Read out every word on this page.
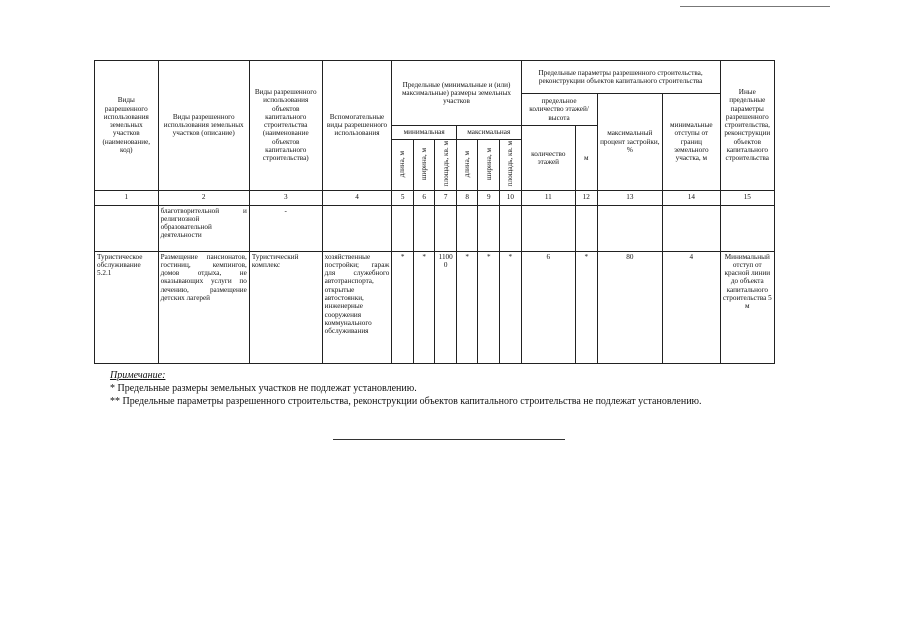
Виды разрешенного использования земельных участков (наименование, код)	Виды разрешенного использования земельных участков (описание)	Виды разрешенного использования объектов капитального строительства (наименование объектов капитального строительства)	Вспомогательные виды разрешенного использования	Предельные (минимальные и (или) максимальные) размеры земельных участков						Предельные параметры разрешенного строительства, реконструкции объектов капитального строительства				Иные предельные параметры разрешенного строительства, реконструкции объектов капитального строительства
										предельное количество этажей/высота		максимальный процент застройки, %	минимальные отступы от границ земельного участка, м	
				минимальная			максимальная			количество этажей	м			
				длина, м	ширина, м	площадь, кв. м	длина, м	ширина, м	площадь, кв. м					
1	2	3	4	5	6	7	8	9	10	11	12	13	14	15
	благотворительной и религиозной образовательной деятельности	-												
Туристическое обслуживание 5.2.1	Размещение пансионатов, гостиниц, кемпингов, домов отдыха, не оказывающих услуги по лечению, размещение детских лагерей	Туристический комплекс	хозяйственные постройки; гараж для служебного автотранспорта, открытые автостоянки, инженерные сооружения коммунального обслуживания	*	*	11000	*	*	*	6	*	80	4	Минимальный отступ от красной линии до объекта капитального строительства 5 м
Примечание:
* Предельные размеры земельных участков не подлежат установлению.
** Предельные параметры разрешенного строительства, реконструкции объектов капитального строительства не подлежат установлению.
